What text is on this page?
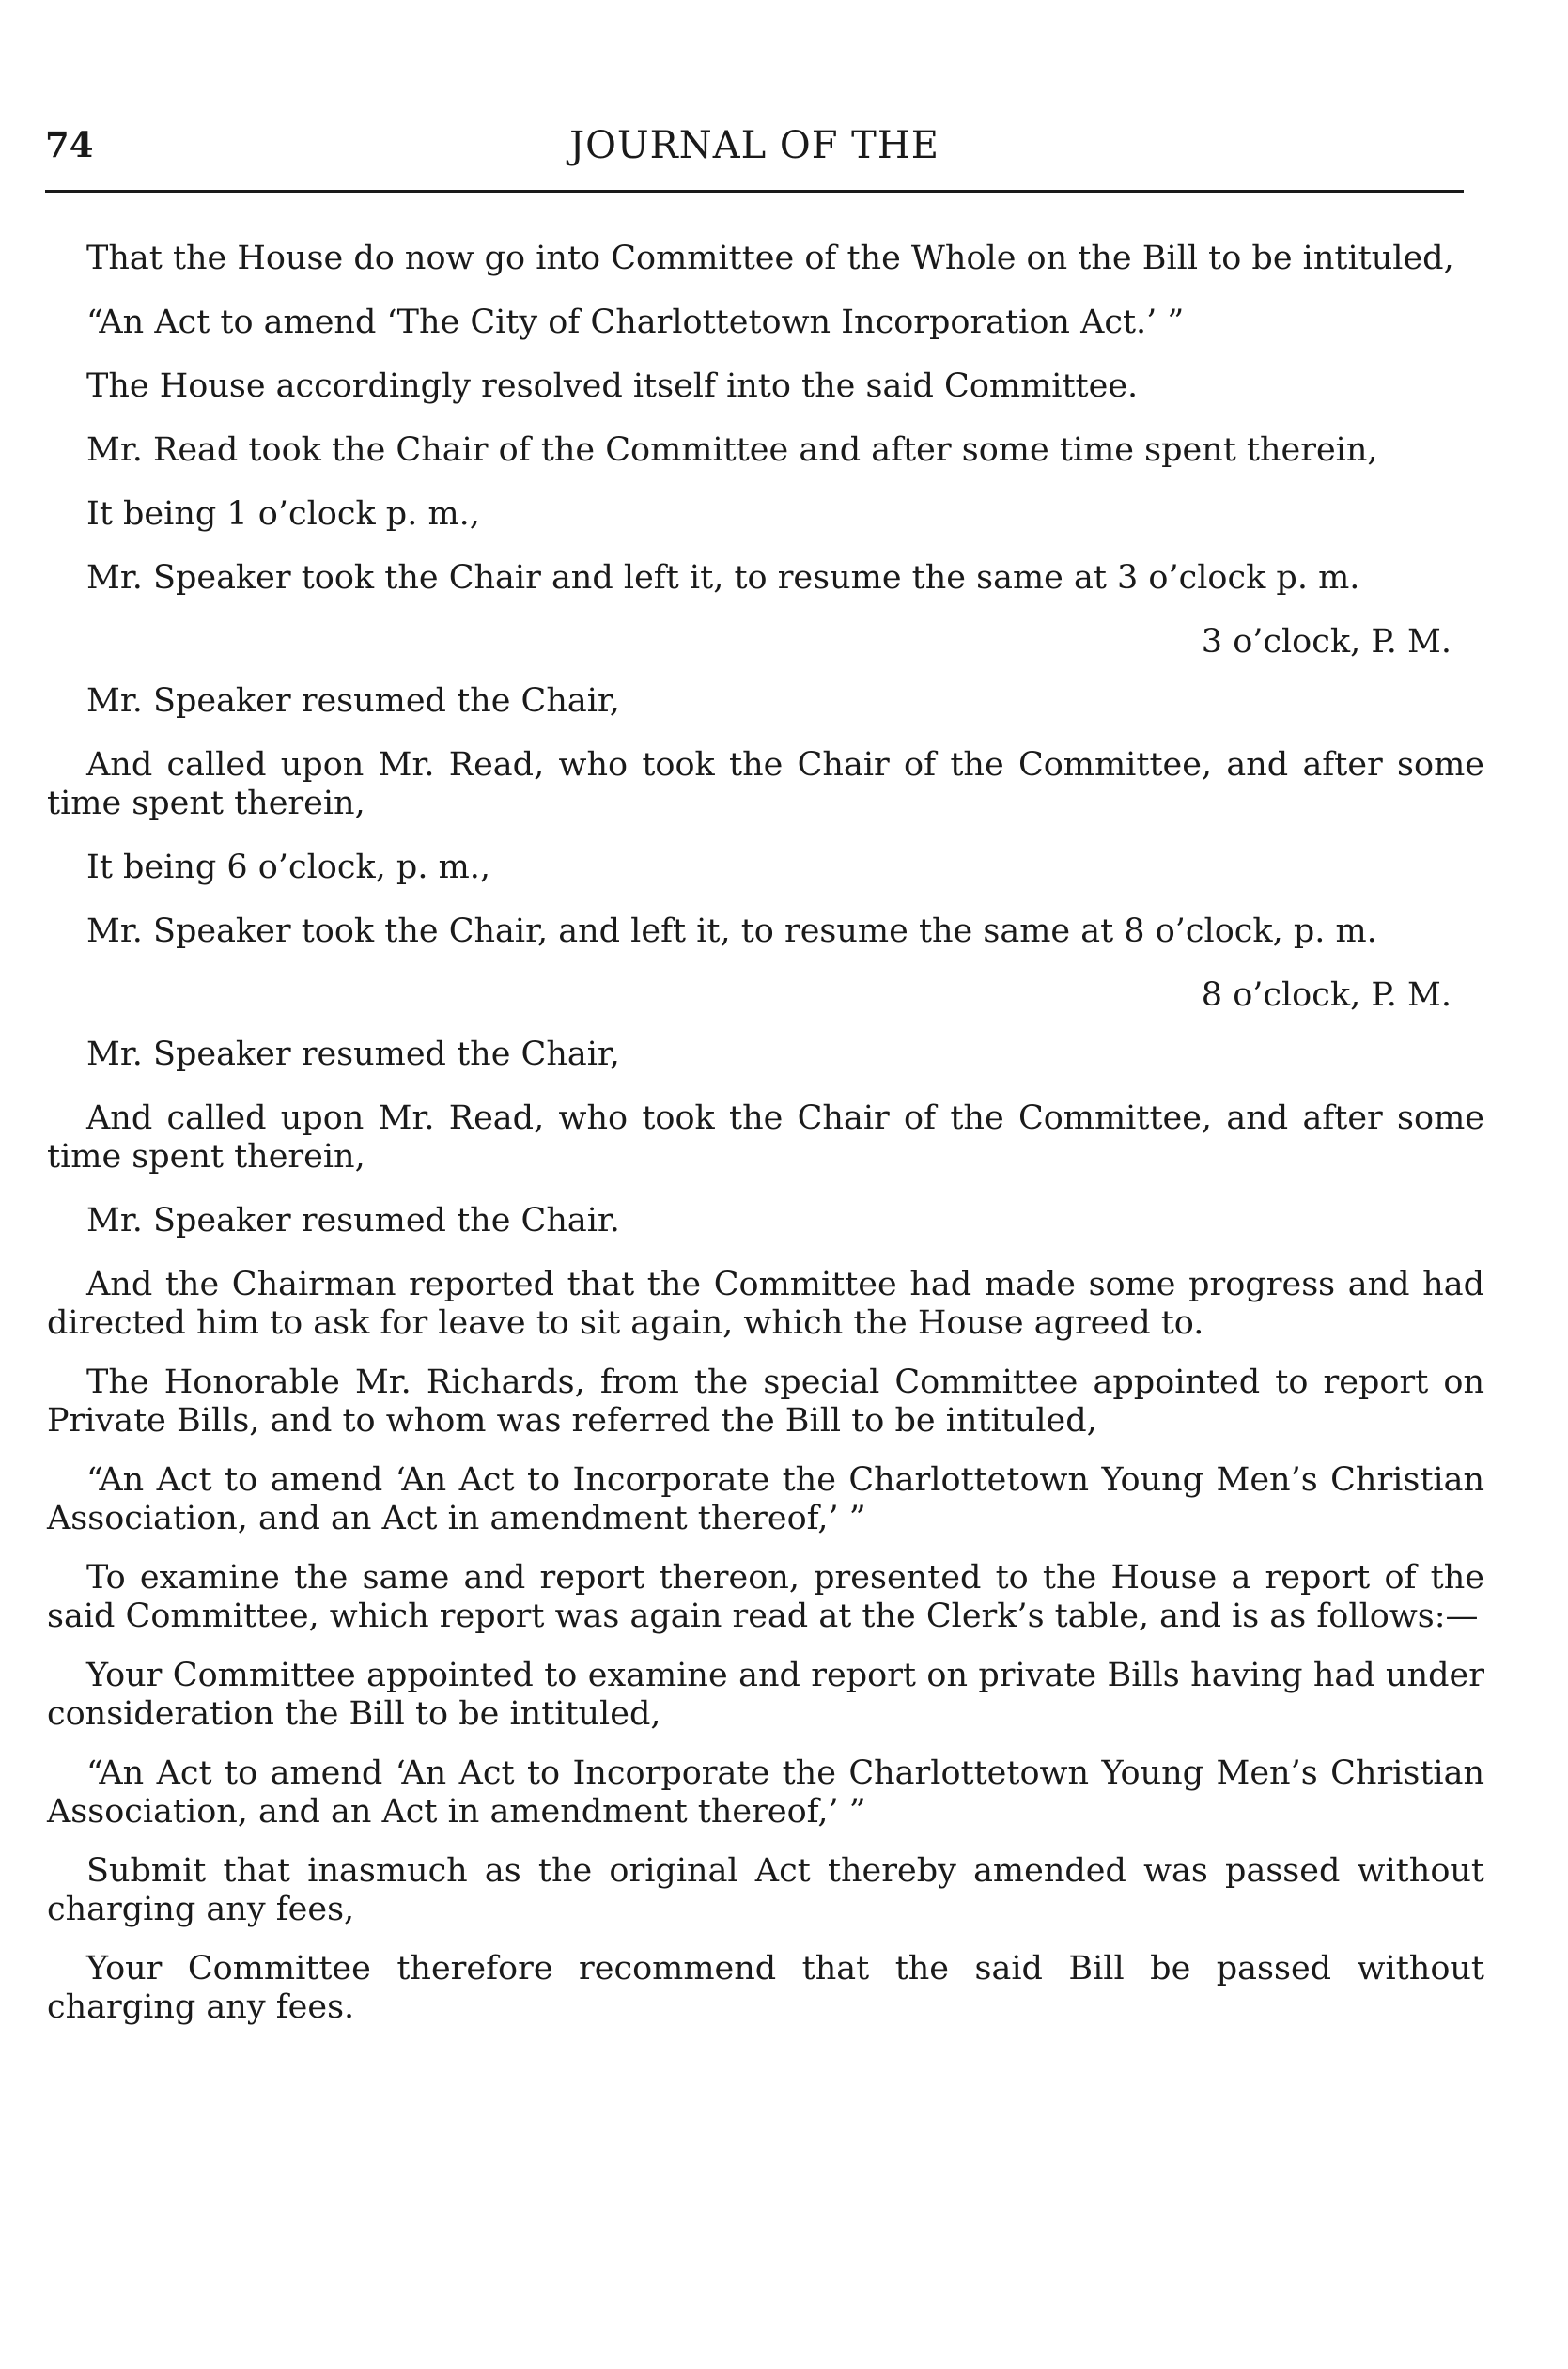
74	JOURNAL OF THE

That the House do now go into Committee of the Whole on the Bill to be intituled,

“An Act to amend ‘The City of Charlottetown Incorporation Act.’ ”

The House accordingly resolved itself into the said Committee.

Mr. Read took the Chair of the Committee and after some time spent therein,

It being 1 o’clock p. m.,

Mr. Speaker took the Chair and left it, to resume the same at 3 o’clock p. m.

3 o’clock, P. M.

Mr. Speaker resumed the Chair,

And called upon Mr. Read, who took the Chair of the Committee, and after some time spent therein,

It being 6 o’clock, p. m.,

Mr. Speaker took the Chair, and left it, to resume the same at 8 o’clock, p. m.

8 o’clock, P. M.

Mr. Speaker resumed the Chair,

And called upon Mr. Read, who took the Chair of the Committee, and after some time spent therein,

Mr. Speaker resumed the Chair.

And the Chairman reported that the Committee had made some progress and had directed him to ask for leave to sit again, which the House agreed to.

The Honorable Mr. Richards, from the special Committee appointed to report on Private Bills, and to whom was referred the Bill to be intituled,

“An Act to amend ‘An Act to Incorporate the Charlottetown Young Men’s Christian Association, and an Act in amendment thereof,’ ”

To examine the same and report thereon, presented to the House a report of the said Committee, which report was again read at the Clerk’s table, and is as follows:—

Your Committee appointed to examine and report on private Bills having had under consideration the Bill to be intituled,

“An Act to amend ‘An Act to Incorporate the Charlottetown Young Men’s Christian Association, and an Act in amendment thereof,’ ”

Submit that inasmuch as the original Act thereby amended was passed without charging any fees,

Your Committee therefore recommend that the said Bill be passed without charging any fees.
